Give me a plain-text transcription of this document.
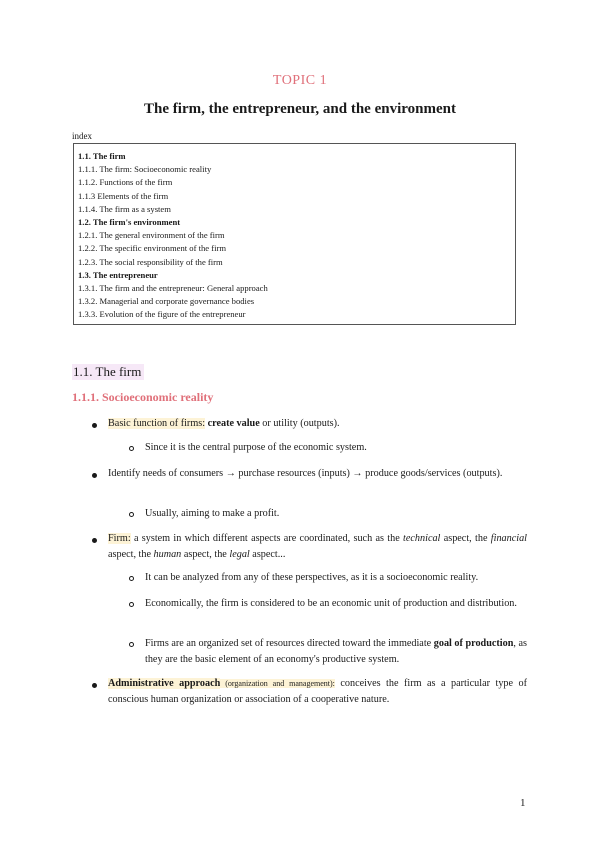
TOPIC 1
The firm, the entrepreneur, and the environment
index
1.1. The firm
1.1.1. The firm: Socioeconomic reality
1.1.2. Functions of the firm
1.1.3 Elements of the firm
1.1.4. The firm as a system
1.2. The firm's environment
1.2.1. The general environment of the firm
1.2.2. The specific environment of the firm
1.2.3. The social responsibility of the firm
1.3. The entrepreneur
1.3.1. The firm and the entrepreneur: General approach
1.3.2. Managerial and corporate governance bodies
1.3.3. Evolution of the figure of the entrepreneur
1.1. The firm
1.1.1. Socioeconomic reality
Basic function of firms: create value or utility (outputs).
Since it is the central purpose of the economic system.
Identify needs of consumers → purchase resources (inputs) → produce goods/services (outputs).
Usually, aiming to make a profit.
Firm: a system in which different aspects are coordinated, such as the technical aspect, the financial aspect, the human aspect, the legal aspect...
It can be analyzed from any of these perspectives, as it is a socioeconomic reality.
Economically, the firm is considered to be an economic unit of production and distribution.
Firms are an organized set of resources directed toward the immediate goal of production, as they are the basic element of an economy's productive system.
Administrative approach (organization and management): conceives the firm as a particular type of conscious human organization or association of a cooperative nature.
1
